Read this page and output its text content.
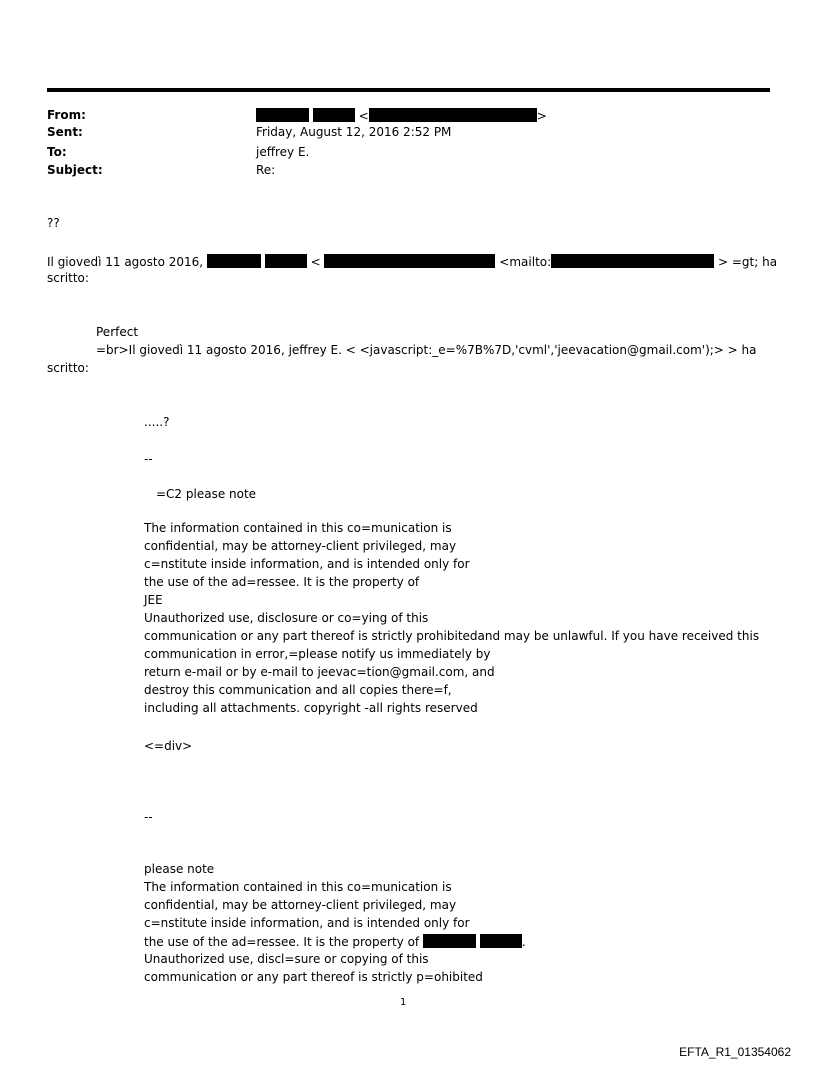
From:	<	>
Sent:	Friday, August 12, 2016 2:52 PM
To:	jeffrey E.
Subject:	Re:
??
Il giovedì 11 agosto 2016,	<	<mailto:	> =gt; ha
scritto:
Perfect
=br>Il giovedì 11 agosto 2016, jeffrey E. < <javascript:_e=%7B%7D,'cvml','jeevacation@gmail.com');> > ha
scritto:
.....?
--
=C2 please note
The information contained in this co=munication is
confidential, may be attorney-client privileged, may
c=nstitute inside information, and is intended only for
the use of the ad=ressee. It is the property of
JEE
Unauthorized use, disclosure or co=ying of this
communication or any part thereof is strictly prohibitedand may be unlawful. If you have received this
communication in error,=please notify us immediately by
return e-mail or by e-mail to jeevac=tion@gmail.com, and
destroy this communication and all copies there=f,
including all attachments. copyright -all rights reserved
<=div>
--
please note
The information contained in this co=munication is
confidential, may be attorney-client privileged, may
c=nstitute inside information, and is intended only for
the use of the ad=ressee. It is the property of	.
Unauthorized use, discl=sure or copying of this
communication or any part thereof is strictly p=ohibited
1
EFTA_R1_01354062
